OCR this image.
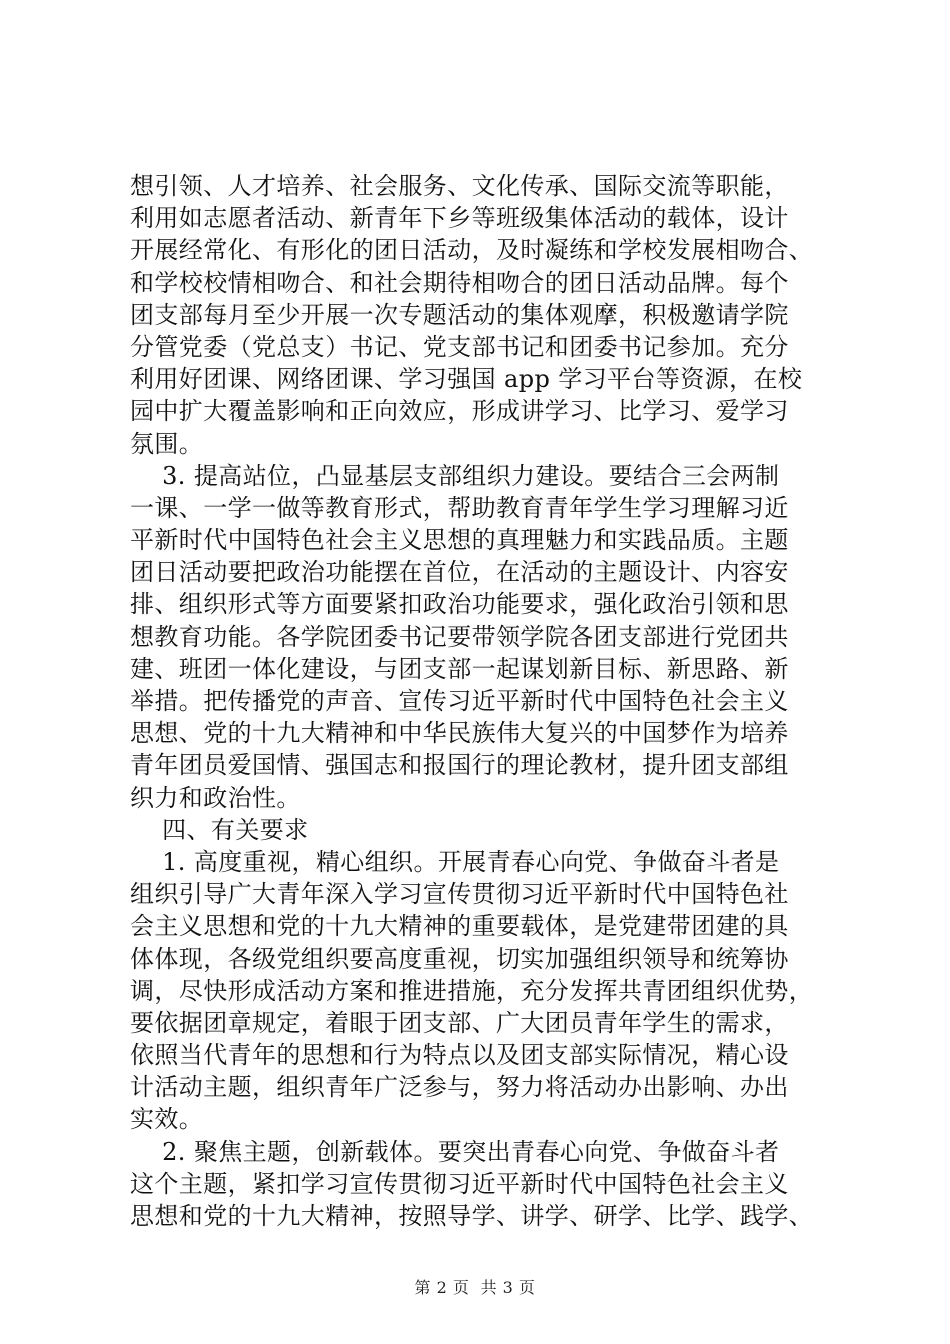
想引领、人才培养、社会服务、文化传承、国际交流等职能，
利用如志愿者活动、新青年下乡等班级集体活动的载体，设计
开展经常化、有形化的团日活动，及时凝练和学校发展相吻合、
和学校校情相吻合、和社会期待相吻合的团日活动品牌。每个
团支部每月至少开展一次专题活动的集体观摩，积极邀请学院
分管党委（党总支）书记、党支部书记和团委书记参加。充分
利用好团课、网络团课、学习强国 app 学习平台等资源，在校
园中扩大覆盖影响和正向效应，形成讲学习、比学习、爱学习
氛围。
3. 提高站位，凸显基层支部组织力建设。要结合三会两制
一课、一学一做等教育形式，帮助教育青年学生学习理解习近
平新时代中国特色社会主义思想的真理魅力和实践品质。主题
团日活动要把政治功能摆在首位，在活动的主题设计、内容安
排、组织形式等方面要紧扣政治功能要求，强化政治引领和思
想教育功能。各学院团委书记要带领学院各团支部进行党团共
建、班团一体化建设，与团支部一起谋划新目标、新思路、新
举措。把传播党的声音、宣传习近平新时代中国特色社会主义
思想、党的十九大精神和中华民族伟大复兴的中国梦作为培养
青年团员爱国情、强国志和报国行的理论教材，提升团支部组
织力和政治性。
四、有关要求
1. 高度重视，精心组织。开展青春心向党、争做奋斗者是
组织引导广大青年深入学习宣传贯彻习近平新时代中国特色社
会主义思想和党的十九大精神的重要载体，是党建带团建的具
体体现，各级党组织要高度重视，切实加强组织领导和统筹协
调，尽快形成活动方案和推进措施，充分发挥共青团组织优势，
要依据团章规定，着眼于团支部、广大团员青年学生的需求，
依照当代青年的思想和行为特点以及团支部实际情况，精心设
计活动主题，组织青年广泛参与，努力将活动办出影响、办出
实效。
2. 聚焦主题，创新载体。要突出青春心向党、争做奋斗者
这个主题，紧扣学习宣传贯彻习近平新时代中国特色社会主义
思想和党的十九大精神，按照导学、讲学、研学、比学、践学、
第 2 页  共 3 页
